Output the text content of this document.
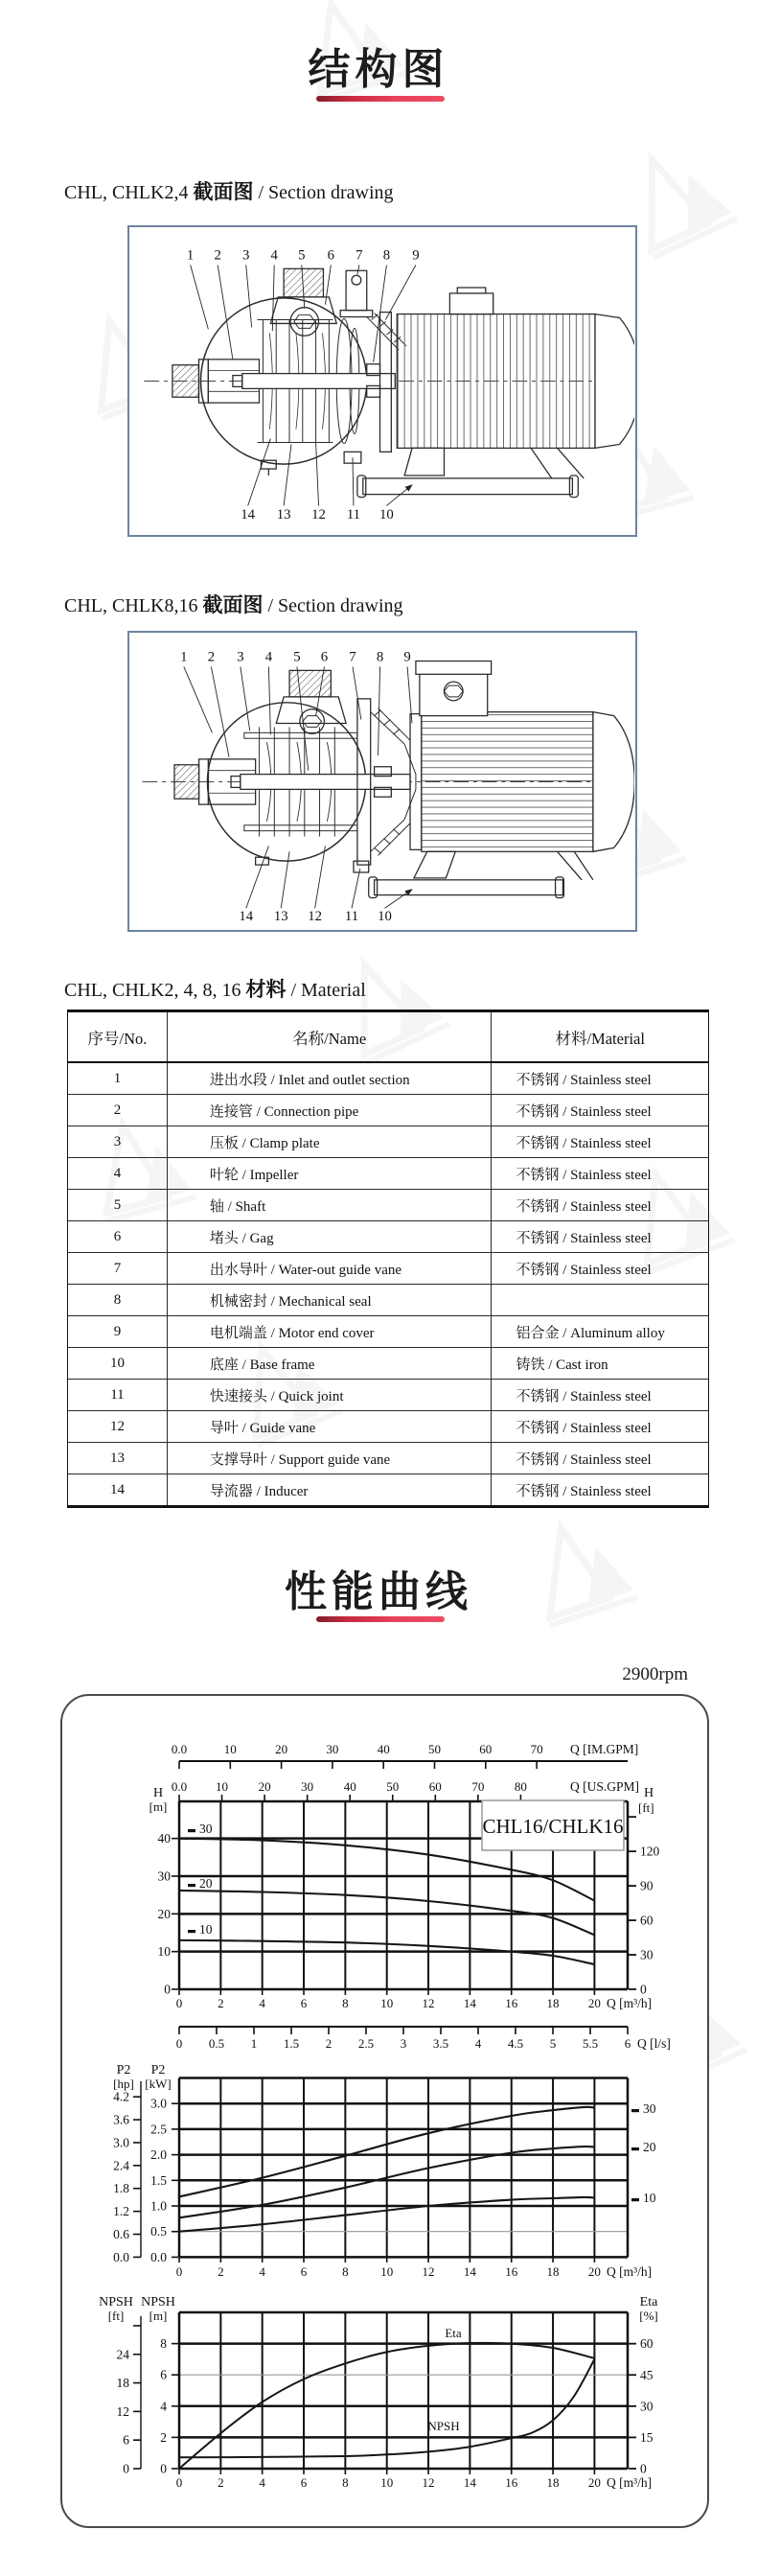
结构图
CHL, CHLK2,4 截面图 / Section drawing
1 2 3 4 5 6 7 8 9
14 13 12 11 10
CHL, CHLK8,16 截面图 / Section drawing
1 2 3 4 5 6 7 8 9
14 13 12 11 10
CHL, CHLK2, 4, 8, 16 材料 / Material
序号/No.	名称/Name	材料/Material
1	进出水段 / Inlet and outlet section	不锈钢 / Stainless steel
2	连接管 / Connection pipe	不锈钢 / Stainless steel
3	压板 / Clamp plate	不锈钢 / Stainless steel
4	叶轮 / Impeller	不锈钢 / Stainless steel
5	轴 / Shaft	不锈钢 / Stainless steel
6	堵头 / Gag	不锈钢 / Stainless steel
7	出水导叶 / Water-out guide vane	不锈钢 / Stainless steel
8	机械密封 / Mechanical seal	
9	电机端盖 / Motor end cover	铝合金 / Aluminum alloy
10	底座 / Base frame	铸铁 / Cast iron
11	快速接头 / Quick joint	不锈钢 / Stainless steel
12	导叶 / Guide vane	不锈钢 / Stainless steel
13	支撑导叶 / Support guide vane	不锈钢 / Stainless steel
14	导流器 / Inducer	不锈钢 / Stainless steel
性能曲线
2900rpm
0.0	10	20	30	40	50	60	70 Q [IM.GPM]
0.0 10 20 30 40 50 60 70 80	Q [US.GPM]
0
10
20
30
40
H
[m]
0
30
60
90
120
H
[ft]
30
20
10
CHL16/CHLK16
0	2	4	6	8	10 12 14 16 18 20 Q [m³/h]
0 0.5 1 1.5 2 2.5 3 3.5 4 4.5 5 5.5 6 Q [l/s]
0.0
0.6
1.2
1.8
2.4
3.0
3.6
4.2
0.0
0.5
1.0
1.5
2.0
2.5
3.0
P2
[hp]
P2
[kW]
30
20
10
0	2	4	6	8	10 12 14 16 18 20 Q [m³/h]
0
6
12
18
24
0
2
4
6
8
NPSH
[ft]
NPSH
[m]
0
15
30
45
60
Eta
[%]
Eta
NPSH
0	2	4	6	8	10 12 14 16 18 20 Q [m³/h]
